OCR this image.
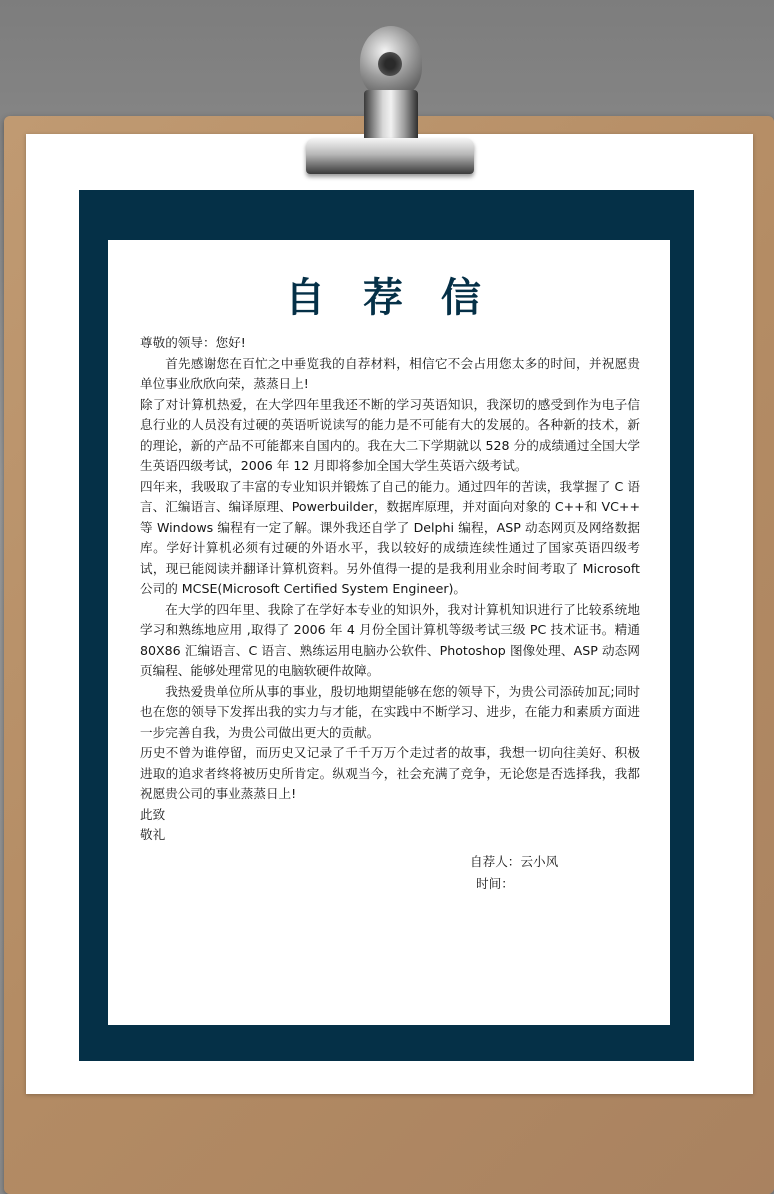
自 荐 信

尊敬的领导：您好!

首先感谢您在百忙之中垂览我的自荐材料，相信它不会占用您太多的时间，并祝愿贵单位事业欣欣向荣，蒸蒸日上!

除了对计算机热爱，在大学四年里我还不断的学习英语知识，我深切的感受到作为电子信息行业的人员没有过硬的英语听说读写的能力是不可能有大的发展的。各种新的技术，新的理论，新的产品不可能都来自国内的。我在大二下学期就以 528 分的成绩通过全国大学生英语四级考试，2006 年 12 月即将参加全国大学生英语六级考试。

四年来，我吸取了丰富的专业知识并锻炼了自己的能力。通过四年的苦读，我掌握了 C 语言、汇编语言、编译原理、Powerbuilder，数据库原理，并对面向对象的 C++和 VC++ 等 Windows 编程有一定了解。课外我还自学了 Delphi 编程，ASP 动态网页及网络数据库。学好计算机必须有过硬的外语水平，我以较好的成绩连续性通过了国家英语四级考试，现已能阅读并翻译计算机资料。另外值得一提的是我利用业余时间考取了 Microsoft 公司的 MCSE(Microsoft Certified System Engineer)。

在大学的四年里、我除了在学好本专业的知识外，我对计算机知识进行了比较系统地学习和熟练地应用 ,取得了 2006 年 4 月份全国计算机等级考试三级 PC 技术证书。精通 80X86 汇编语言、C 语言、熟练运用电脑办公软件、Photoshop 图像处理、ASP 动态网页编程、能够处理常见的电脑软硬件故障。

我热爱贵单位所从事的事业，殷切地期望能够在您的领导下，为贵公司添砖加瓦;同时也在您的领导下发挥出我的实力与才能，在实践中不断学习、进步，在能力和素质方面进一步完善自我，为贵公司做出更大的贡献。

历史不曾为谁停留，而历史又记录了千千万万个走过者的故事，我想一切向往美好、积极进取的追求者终将被历史所肯定。纵观当今，社会充满了竞争，无论您是否选择我，我都祝愿贵公司的事业蒸蒸日上!

此致

敬礼

自荐人：云小风
时间：
